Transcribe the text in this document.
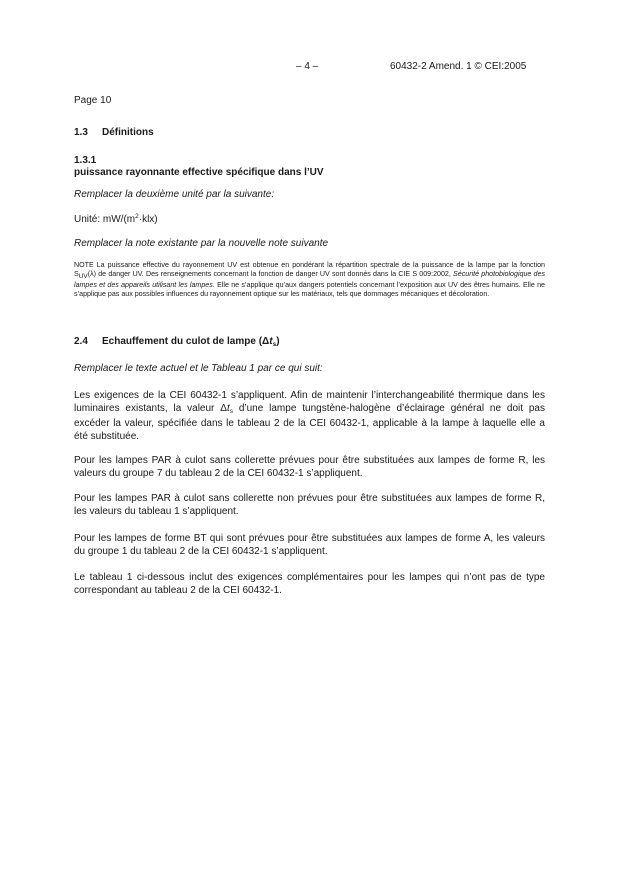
– 4 –	60432-2 Amend. 1 © CEI:2005
Page 10
1.3 Définitions
1.3.1
puissance rayonnante effective spécifique dans l’UV
Remplacer la deuxième unité par la suivante:
Unité: $mW/(m^2\cdot klx)$
Remplacer la note existante par la nouvelle note suivante
NOTE La puissance effective du rayonnement UV est obtenue en pondérant la répartition spectrale de la puissance de la lampe par la fonction $S_{UV}(\lambda)$ de danger UV. Des renseignements concernant la fonction de danger UV sont donnés dans la CIE S 009:2002, Sécurité photobiologique des lampes et des appareils utilisant les lampes. Elle ne s’applique qu’aux dangers potentiels concernant l’exposition aux UV des êtres humains. Elle ne s’applique pas aux possibles influences du rayonnement optique sur les matériaux, tels que dommages mécaniques et décoloration.
2.4 Echauffement du culot de lampe $(\Delta t_s)$
Remplacer le texte actuel et le Tableau 1 par ce qui suit:
Les exigences de la CEI 60432-1 s’appliquent. Afin de maintenir l’interchangeabilité thermique dans les luminaires existants, la valeur $\Delta t_s$ d’une lampe tungstène-halogène d’éclairage général ne doit pas excéder la valeur, spécifiée dans le tableau 2 de la CEI 60432-1, applicable à la lampe à laquelle elle a été substituée.
Pour les lampes PAR à culot sans collerette prévues pour être substituées aux lampes de forme R, les valeurs du groupe 7 du tableau 2 de la CEI 60432-1 s’appliquent.
Pour les lampes PAR à culot sans collerette non prévues pour être substituées aux lampes de forme R, les valeurs du tableau 1 s’appliquent.
Pour les lampes de forme BT qui sont prévues pour être substituées aux lampes de forme A, les valeurs du groupe 1 du tableau 2 de la CEI 60432-1 s’appliquent.
Le tableau 1 ci-dessous inclut des exigences complémentaires pour les lampes qui n’ont pas de type correspondant au tableau 2 de la CEI 60432-1.
